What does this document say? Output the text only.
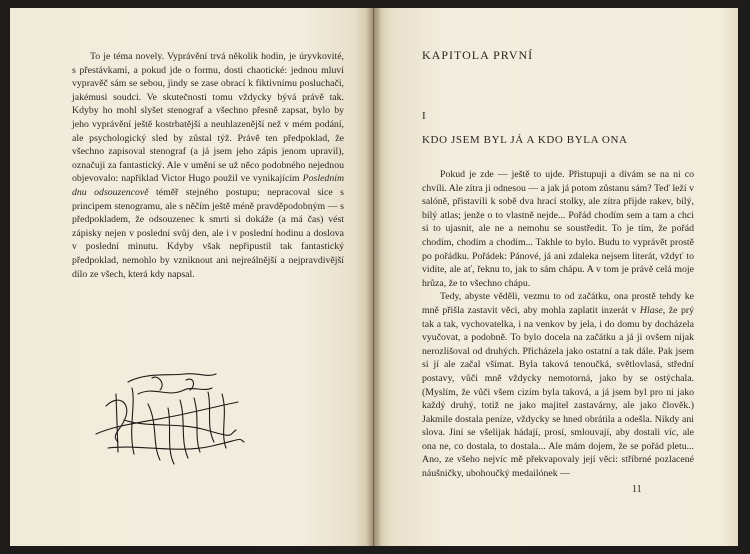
To je téma novely. Vyprávění trvá několik hodin, je úryvkovité, s přestávkami, a pokud jde o formu, dosti chaotické: jednou mluví vypravěč sám se sebou, jindy se zase obrací k fiktivnímu posluchači, jakémusi soudci. Ve skutečnosti tomu vždycky bývá právě tak. Kdyby ho mohl slyšet stenograf a všechno přesně zapsat, bylo by jeho vyprávění ještě kostrbatější a neuhlazenější než v mém podání, ale psychologický sled by zůstal týž. Právě ten předpoklad, že všechno zapisoval stenograf (a já jsem jeho zápis jenom upravil), označuji za fantastický. Ale v umění se už něco podobného nejednou objevovalo: například Victor Hugo použil ve vynikajícím Posledním dnu odsouzencově téměř stejného postupu; nepracoval sice s principem stenogramu, ale s něčím ještě méně pravděpodobným — s předpokladem, že odsouzenec k smrti si dokáže (a má čas) vést zápisky nejen v poslední svůj den, ale i v poslední hodinu a doslova v poslední minutu. Kdyby však nepřipustil tak fantastický předpoklad, nemohlo by vzniknout ani nejreálnější a nejpravdivější dílo ze všech, která kdy napsal.

KAPITOLA PRVNÍ
I
KDO JSEM BYL JÁ A KDO BYLA ONA

Pokud je zde — ještě to ujde. Přistupuji a dívám se na ni co chvíli. Ale zítra ji odnesou — a jak já potom zůstanu sám? Teď leží v salóně, přistavili k sobě dva hrací stolky, ale zítra přijde rakev, bílý, bílý atlas; jenže o to vlastně nejde... Pořád chodím sem a tam a chci si to ujasnit, ale ne a nemohu se soustředit. To je tím, že pořád chodím, chodím a chodím... Takhle to bylo. Budu to vyprávět prostě po pořádku. Pořádek: Pánové, já ani zdaleka nejsem literát, vždyť to vidíte, ale ať, řeknu to, jak to sám chápu. A v tom je právě celá moje hrůza, že to všechno chápu.

Tedy, abyste věděli, vezmu to od začátku, ona prostě tehdy ke mně přišla zastavit věci, aby mohla zaplatit inzerát v Hlase, že prý tak a tak, vychovatelka, i na venkov by jela, i do domu by docházela vyučovat, a podobně. To bylo docela na začátku a já ji ovšem nijak nerozlišoval od druhých. Přicházela jako ostatní a tak dále. Pak jsem si jí ale začal všímat. Byla taková tenoučká, světlovlasá, střední postavy, vůči mně vždycky nemotorná, jako by se ostýchala. (Myslím, že vůči všem cizím byla taková, a já jsem byl pro ni jako každý druhý, totiž ne jako majitel zastavárny, ale jako člověk.) Jakmile dostala peníze, vždycky se hned obrátila a odešla. Nikdy ani slova. Jiní se všelijak hádají, prosí, smlouvají, aby dostali víc, ale ona ne, co dostala, to dostala... Ale mám dojem, že se pořád pletu... Ano, ze všeho nejvíc mě překvapovaly její věci: stříbrné pozlacené náušničky, ubohoučký medailónek —

11
